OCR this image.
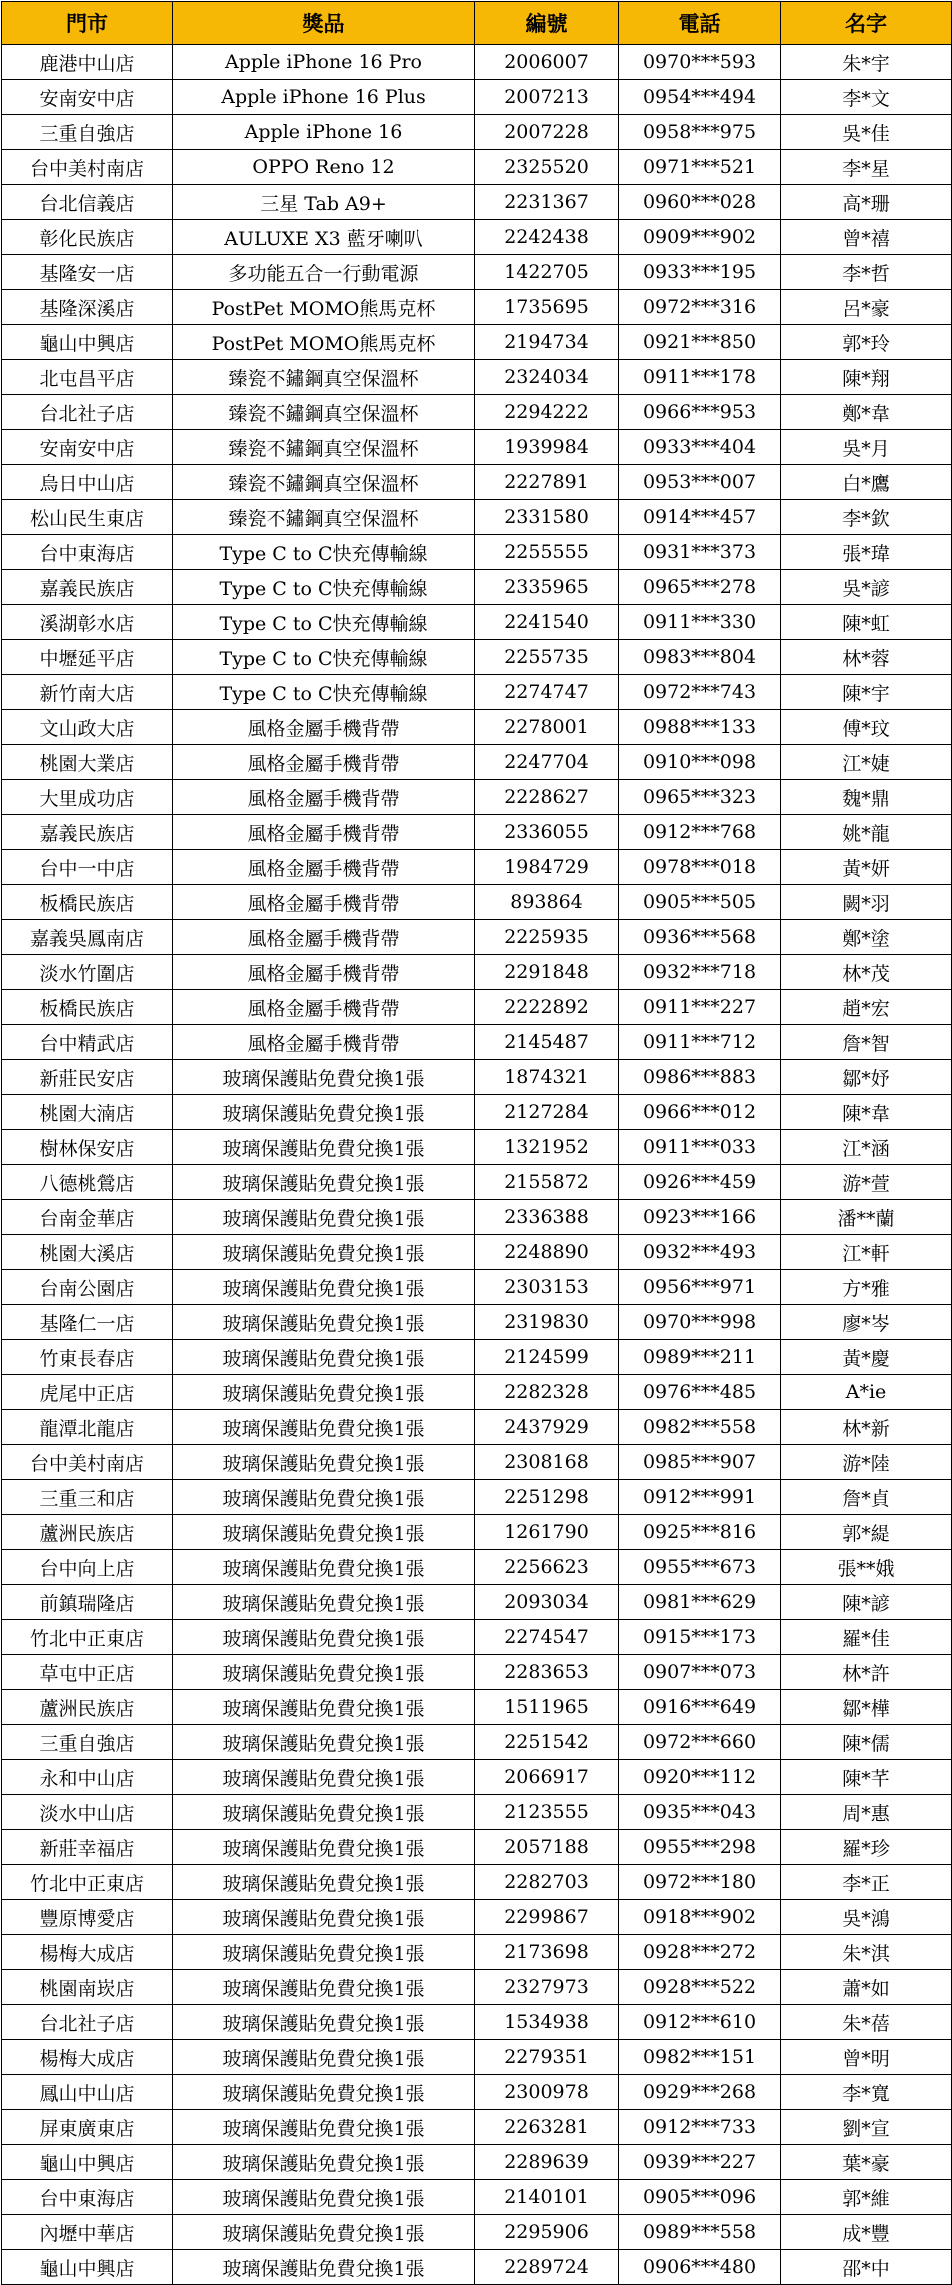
門市	獎品	編號	電話	名字
鹿港中山店	Apple iPhone 16 Pro	2006007	0970***593	朱*宇
安南安中店	Apple iPhone 16 Plus	2007213	0954***494	李*文
三重自強店	Apple iPhone 16	2007228	0958***975	吳*佳
台中美村南店	OPPO Reno 12	2325520	0971***521	李*星
台北信義店	三星 Tab A9+	2231367	0960***028	高*珊
彰化民族店	AULUXE X3 藍牙喇叭	2242438	0909***902	曾*禧
基隆安一店	多功能五合一行動電源	1422705	0933***195	李*哲
基隆深溪店	PostPet MOMO熊馬克杯	1735695	0972***316	呂*豪
龜山中興店	PostPet MOMO熊馬克杯	2194734	0921***850	郭*玲
北屯昌平店	臻瓷不鏽鋼真空保溫杯	2324034	0911***178	陳*翔
台北社子店	臻瓷不鏽鋼真空保溫杯	2294222	0966***953	鄭*韋
安南安中店	臻瓷不鏽鋼真空保溫杯	1939984	0933***404	吳*月
烏日中山店	臻瓷不鏽鋼真空保溫杯	2227891	0953***007	白*鷹
松山民生東店	臻瓷不鏽鋼真空保溫杯	2331580	0914***457	李*欽
台中東海店	Type C to C快充傳輸線	2255555	0931***373	張*瑋
嘉義民族店	Type C to C快充傳輸線	2335965	0965***278	吳*諺
溪湖彰水店	Type C to C快充傳輸線	2241540	0911***330	陳*虹
中壢延平店	Type C to C快充傳輸線	2255735	0983***804	林*蓉
新竹南大店	Type C to C快充傳輸線	2274747	0972***743	陳*宇
文山政大店	風格金屬手機背帶	2278001	0988***133	傅*玟
桃園大業店	風格金屬手機背帶	2247704	0910***098	江*婕
大里成功店	風格金屬手機背帶	2228627	0965***323	魏*鼎
嘉義民族店	風格金屬手機背帶	2336055	0912***768	姚*龍
台中一中店	風格金屬手機背帶	1984729	0978***018	黃*妍
板橋民族店	風格金屬手機背帶	893864	0905***505	闕*羽
嘉義吳鳳南店	風格金屬手機背帶	2225935	0936***568	鄭*塗
淡水竹圍店	風格金屬手機背帶	2291848	0932***718	林*茂
板橋民族店	風格金屬手機背帶	2222892	0911***227	趙*宏
台中精武店	風格金屬手機背帶	2145487	0911***712	詹*智
新莊民安店	玻璃保護貼免費兌換1張	1874321	0986***883	鄒*妤
桃園大湳店	玻璃保護貼免費兌換1張	2127284	0966***012	陳*韋
樹林保安店	玻璃保護貼免費兌換1張	1321952	0911***033	江*涵
八德桃鶯店	玻璃保護貼免費兌換1張	2155872	0926***459	游*萱
台南金華店	玻璃保護貼免費兌換1張	2336388	0923***166	潘**蘭
桃園大溪店	玻璃保護貼免費兌換1張	2248890	0932***493	江*軒
台南公園店	玻璃保護貼免費兌換1張	2303153	0956***971	方*雅
基隆仁一店	玻璃保護貼免費兌換1張	2319830	0970***998	廖*岑
竹東長春店	玻璃保護貼免費兌換1張	2124599	0989***211	黃*慶
虎尾中正店	玻璃保護貼免費兌換1張	2282328	0976***485	A*ie
龍潭北龍店	玻璃保護貼免費兌換1張	2437929	0982***558	林*新
台中美村南店	玻璃保護貼免費兌換1張	2308168	0985***907	游*陸
三重三和店	玻璃保護貼免費兌換1張	2251298	0912***991	詹*貞
蘆洲民族店	玻璃保護貼免費兌換1張	1261790	0925***816	郭*緹
台中向上店	玻璃保護貼免費兌換1張	2256623	0955***673	張**娥
前鎮瑞隆店	玻璃保護貼免費兌換1張	2093034	0981***629	陳*諺
竹北中正東店	玻璃保護貼免費兌換1張	2274547	0915***173	羅*佳
草屯中正店	玻璃保護貼免費兌換1張	2283653	0907***073	林*許
蘆洲民族店	玻璃保護貼免費兌換1張	1511965	0916***649	鄒*樺
三重自強店	玻璃保護貼免費兌換1張	2251542	0972***660	陳*儒
永和中山店	玻璃保護貼免費兌換1張	2066917	0920***112	陳*芊
淡水中山店	玻璃保護貼免費兌換1張	2123555	0935***043	周*惠
新莊幸福店	玻璃保護貼免費兌換1張	2057188	0955***298	羅*珍
竹北中正東店	玻璃保護貼免費兌換1張	2282703	0972***180	李*正
豐原博愛店	玻璃保護貼免費兌換1張	2299867	0918***902	吳*鴻
楊梅大成店	玻璃保護貼免費兌換1張	2173698	0928***272	朱*淇
桃園南崁店	玻璃保護貼免費兌換1張	2327973	0928***522	蕭*如
台北社子店	玻璃保護貼免費兌換1張	1534938	0912***610	朱*蓓
楊梅大成店	玻璃保護貼免費兌換1張	2279351	0982***151	曾*明
鳳山中山店	玻璃保護貼免費兌換1張	2300978	0929***268	李*寬
屏東廣東店	玻璃保護貼免費兌換1張	2263281	0912***733	劉*宣
龜山中興店	玻璃保護貼免費兌換1張	2289639	0939***227	葉*豪
台中東海店	玻璃保護貼免費兌換1張	2140101	0905***096	郭*維
內壢中華店	玻璃保護貼免費兌換1張	2295906	0989***558	成*豐
龜山中興店	玻璃保護貼免費兌換1張	2289724	0906***480	邵*中
